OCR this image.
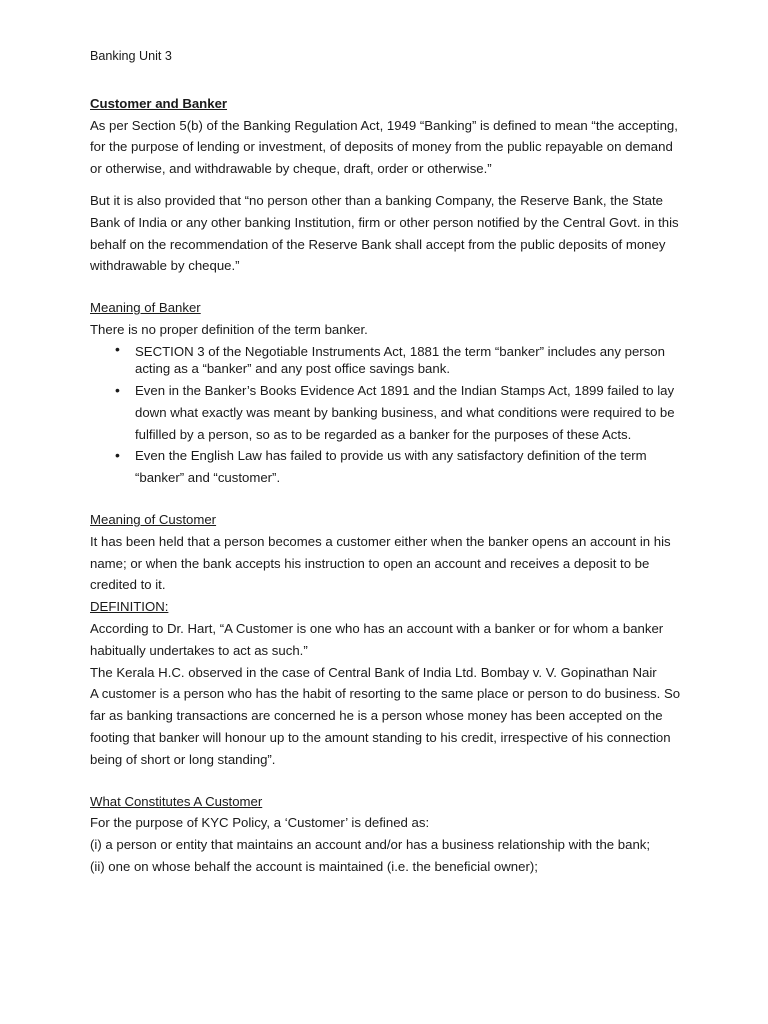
Banking Unit 3

Customer and Banker

As per Section 5(b) of the Banking Regulation Act, 1949 “Banking” is defined to mean “the accepting, for the purpose of lending or investment, of deposits of money from the public repayable on demand or otherwise, and withdrawable by cheque, draft, order or otherwise.”

But it is also provided that “no person other than a banking Company, the Reserve Bank, the State Bank of India or any other banking Institution, firm or other person notified by the Central Govt. in this behalf on the recommendation of the Reserve Bank shall accept from the public deposits of money withdrawable by cheque.”

Meaning of Banker

There is no proper definition of the term banker.

• SECTION 3 of the Negotiable Instruments Act, 1881 the term “banker” includes any person acting as a “banker” and any post office savings bank.
• Even in the Banker’s Books Evidence Act 1891 and the Indian Stamps Act, 1899 failed to lay down what exactly was meant by banking business, and what conditions were required to be fulfilled by a person, so as to be regarded as a banker for the purposes of these Acts.
• Even the English Law has failed to provide us with any satisfactory definition of the term “banker” and “customer”.

Meaning of Customer

It has been held that a person becomes a customer either when the banker opens an account in his name; or when the bank accepts his instruction to open an account and receives a deposit to be credited to it.

DEFINITION:

According to Dr. Hart, “A Customer is one who has an account with a banker or for whom a banker habitually undertakes to act as such.”

The Kerala H.C. observed in the case of Central Bank of India Ltd. Bombay v. V. Gopinathan Nair

A customer is a person who has the habit of resorting to the same place or person to do business. So far as banking transactions are concerned he is a person whose money has been accepted on the footing that banker will honour up to the amount standing to his credit, irrespective of his connection being of short or long standing”.

What Constitutes A Customer

For the purpose of KYC Policy, a ‘Customer’ is defined as:

(i) a person or entity that maintains an account and/or has a business relationship with the bank;

(ii) one on whose behalf the account is maintained (i.e. the beneficial owner);
